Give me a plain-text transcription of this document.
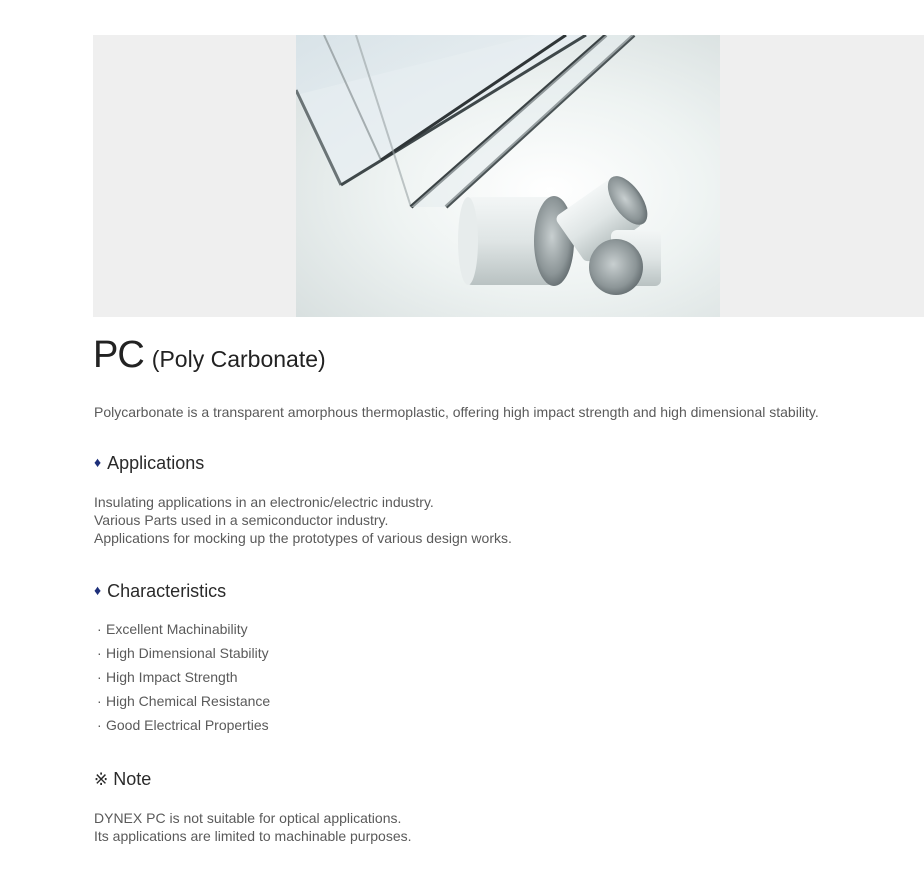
PC (Poly Carbonate)
Polycarbonate is a transparent amorphous thermoplastic, offering high impact strength and high dimensional stability.
♦ Applications
Insulating applications in an electronic/electric industry.
Various Parts used in a semiconductor industry.
Applications for mocking up the prototypes of various design works.
♦ Characteristics
· Excellent Machinability
· High Dimensional Stability
· High Impact Strength
· High Chemical Resistance
· Good Electrical Properties
※ Note
DYNEX PC is not suitable for optical applications.
Its applications are limited to machinable purposes.
